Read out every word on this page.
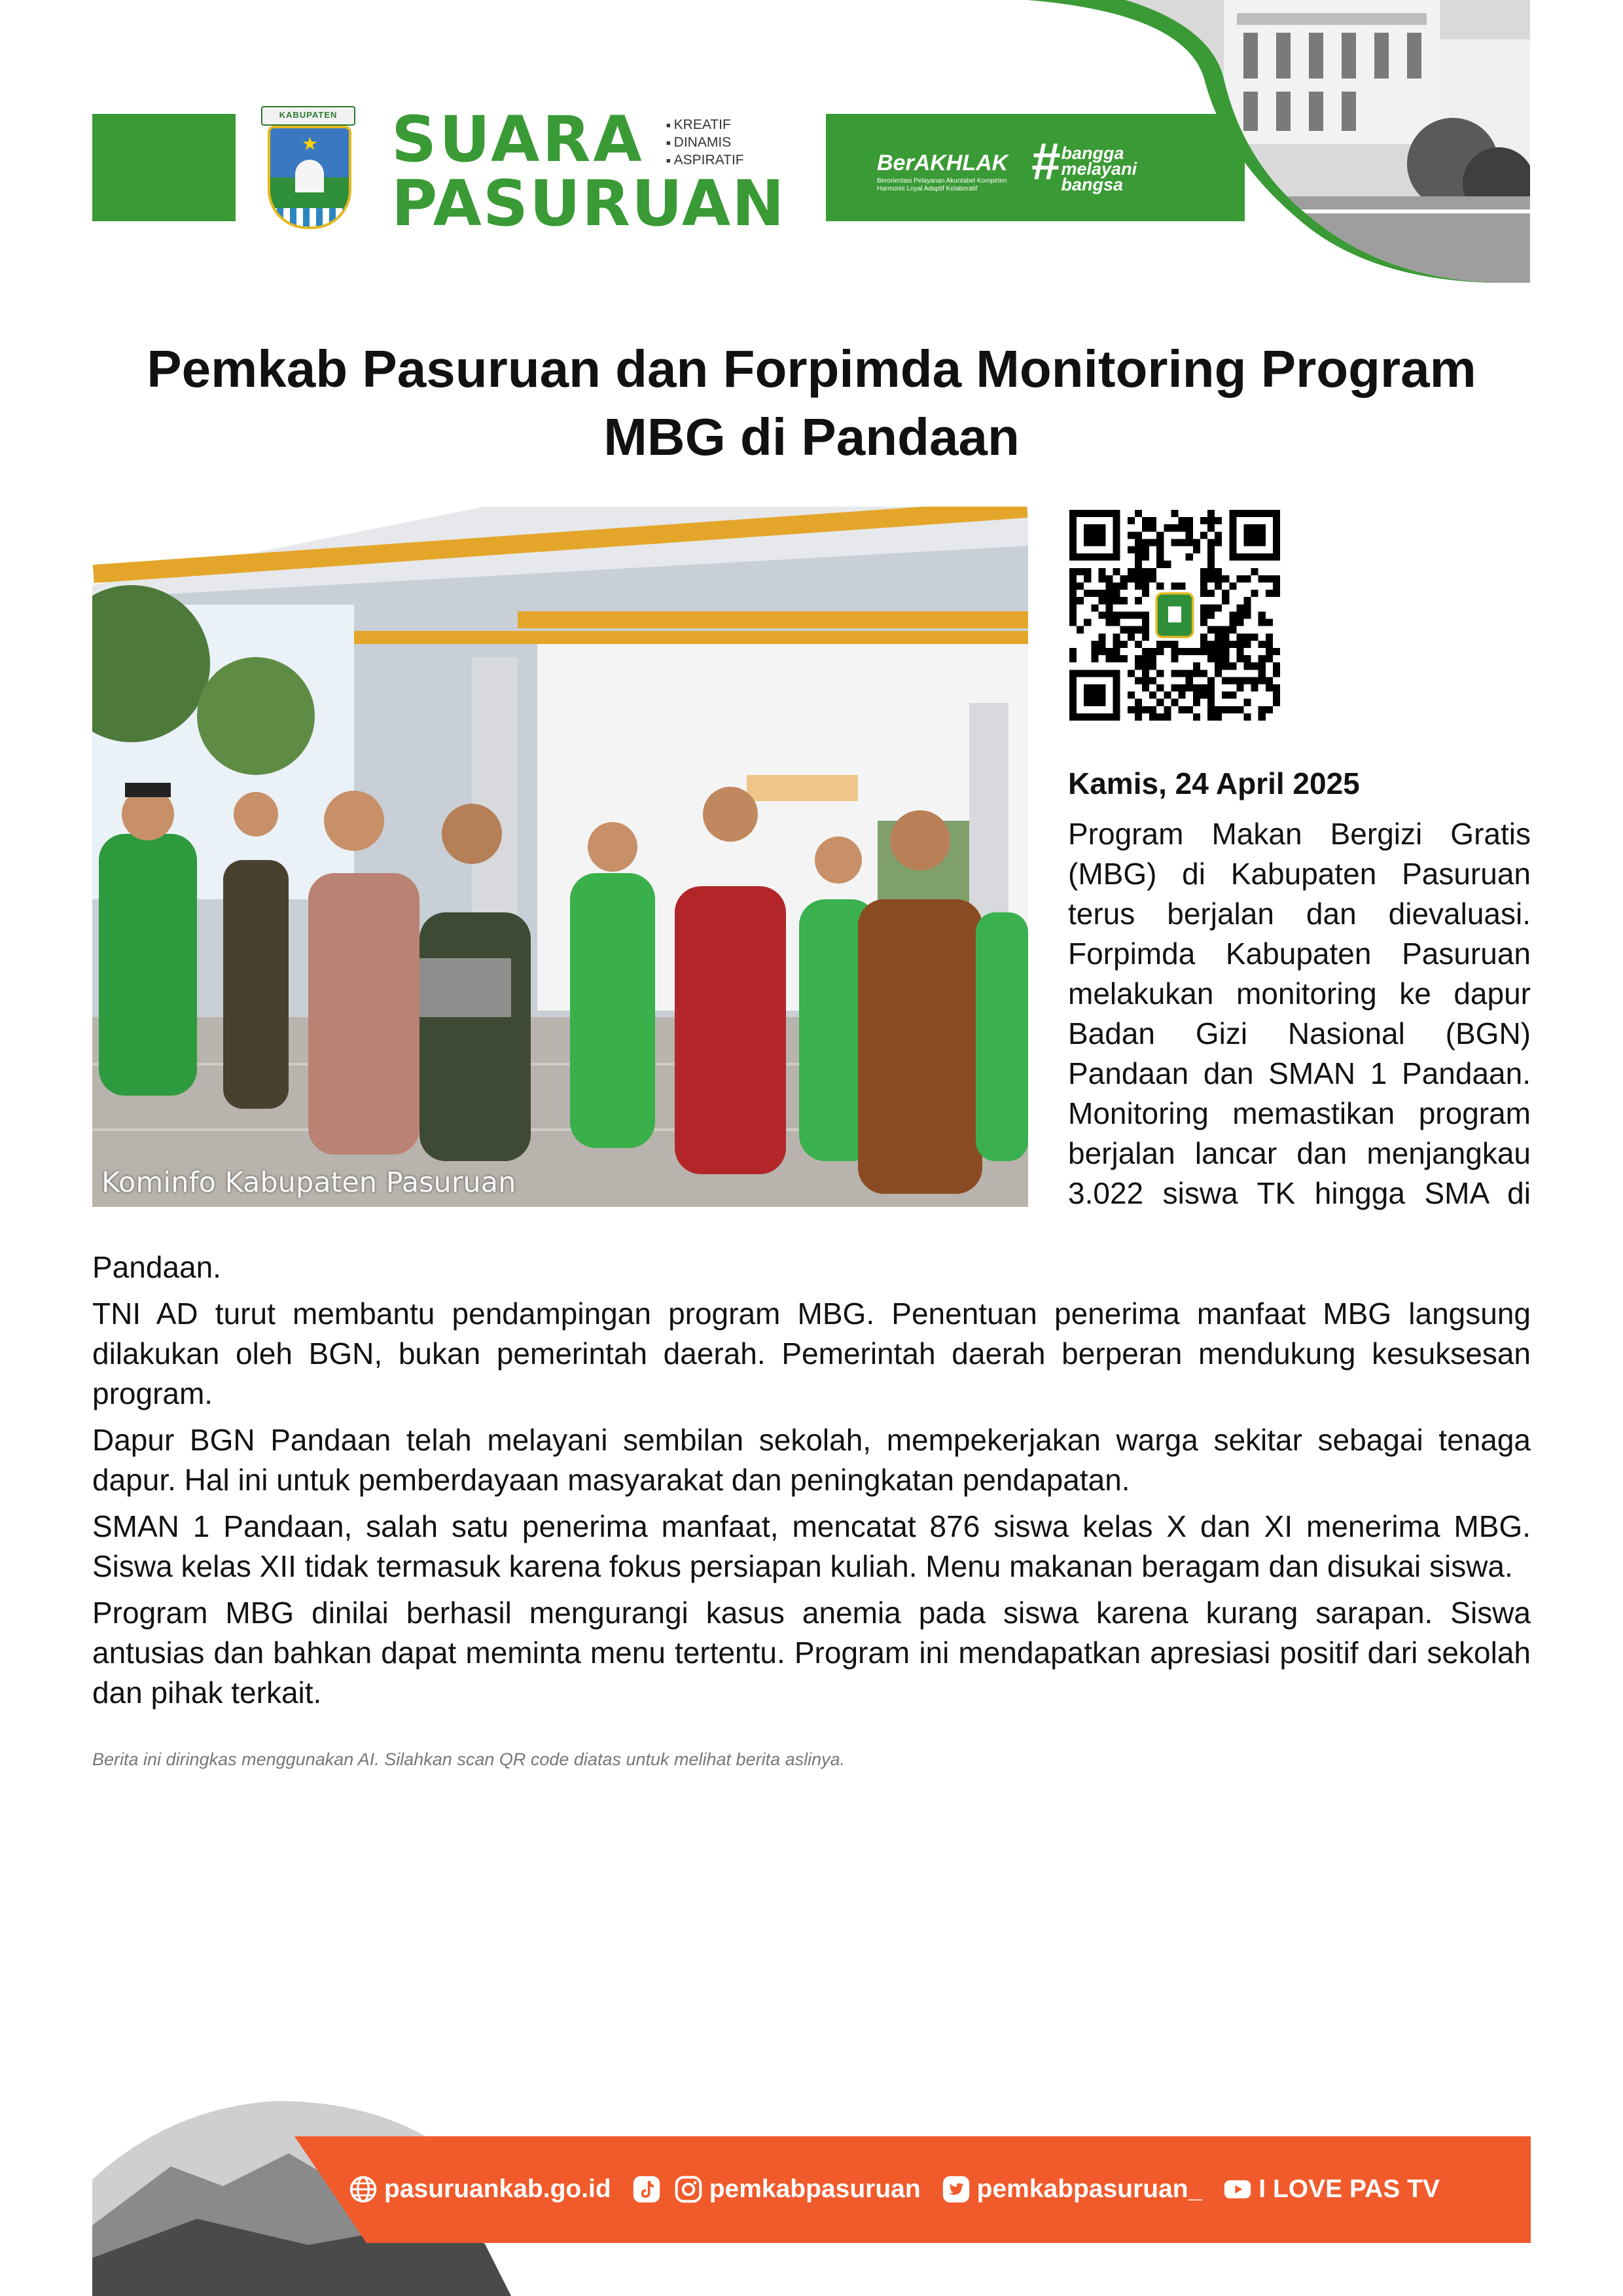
KABUPATEN
★ SUARA
PASURUAN
■ KREATIF
■ DINAMIS
■ ASPIRATIF	BerAKHLAK
Berorientasi Pelayanan Akuntabel Kompeten Harmonis Loyal Adaptif Kolaboratif	# bangga
melayani
bangsa
Pemkab Pasuruan dan Forpimda Monitoring Program MBG di Pandaan
Kominfo Kabupaten Pasuruan
Kamis, 24 April 2025
Program Makan Bergizi Gratis (MBG) di Kabupaten Pasuruan terus berjalan dan dievaluasi. Forpimda Kabupaten Pasuruan melakukan monitoring ke dapur Badan Gizi Nasional (BGN) Pandaan dan SMAN 1 Pandaan. Monitoring memastikan program berjalan lancar dan menjangkau 3.022 siswa TK hingga SMA di

Pandaan.

TNI AD turut membantu pendampingan program MBG. Penentuan penerima manfaat MBG langsung dilakukan oleh BGN, bukan pemerintah daerah. Pemerintah daerah berperan mendukung kesuksesan program.

Dapur BGN Pandaan telah melayani sembilan sekolah, mempekerjakan warga sekitar sebagai tenaga dapur. Hal ini untuk pemberdayaan masyarakat dan peningkatan pendapatan.

SMAN 1 Pandaan, salah satu penerima manfaat, mencatat 876 siswa kelas X dan XI menerima MBG. Siswa kelas XII tidak termasuk karena fokus persiapan kuliah. Menu makanan beragam dan disukai siswa.

Program MBG dinilai berhasil mengurangi kasus anemia pada siswa karena kurang sarapan. Siswa antusias dan bahkan dapat meminta menu tertentu. Program ini mendapatkan apresiasi positif dari sekolah dan pihak terkait.

Berita ini diringkas menggunakan AI. Silahkan scan QR code diatas untuk melihat berita aslinya.
pasuruankab.go.id	pemkabpasuruan pemkabpasuruan_ I LOVE PAS TV
